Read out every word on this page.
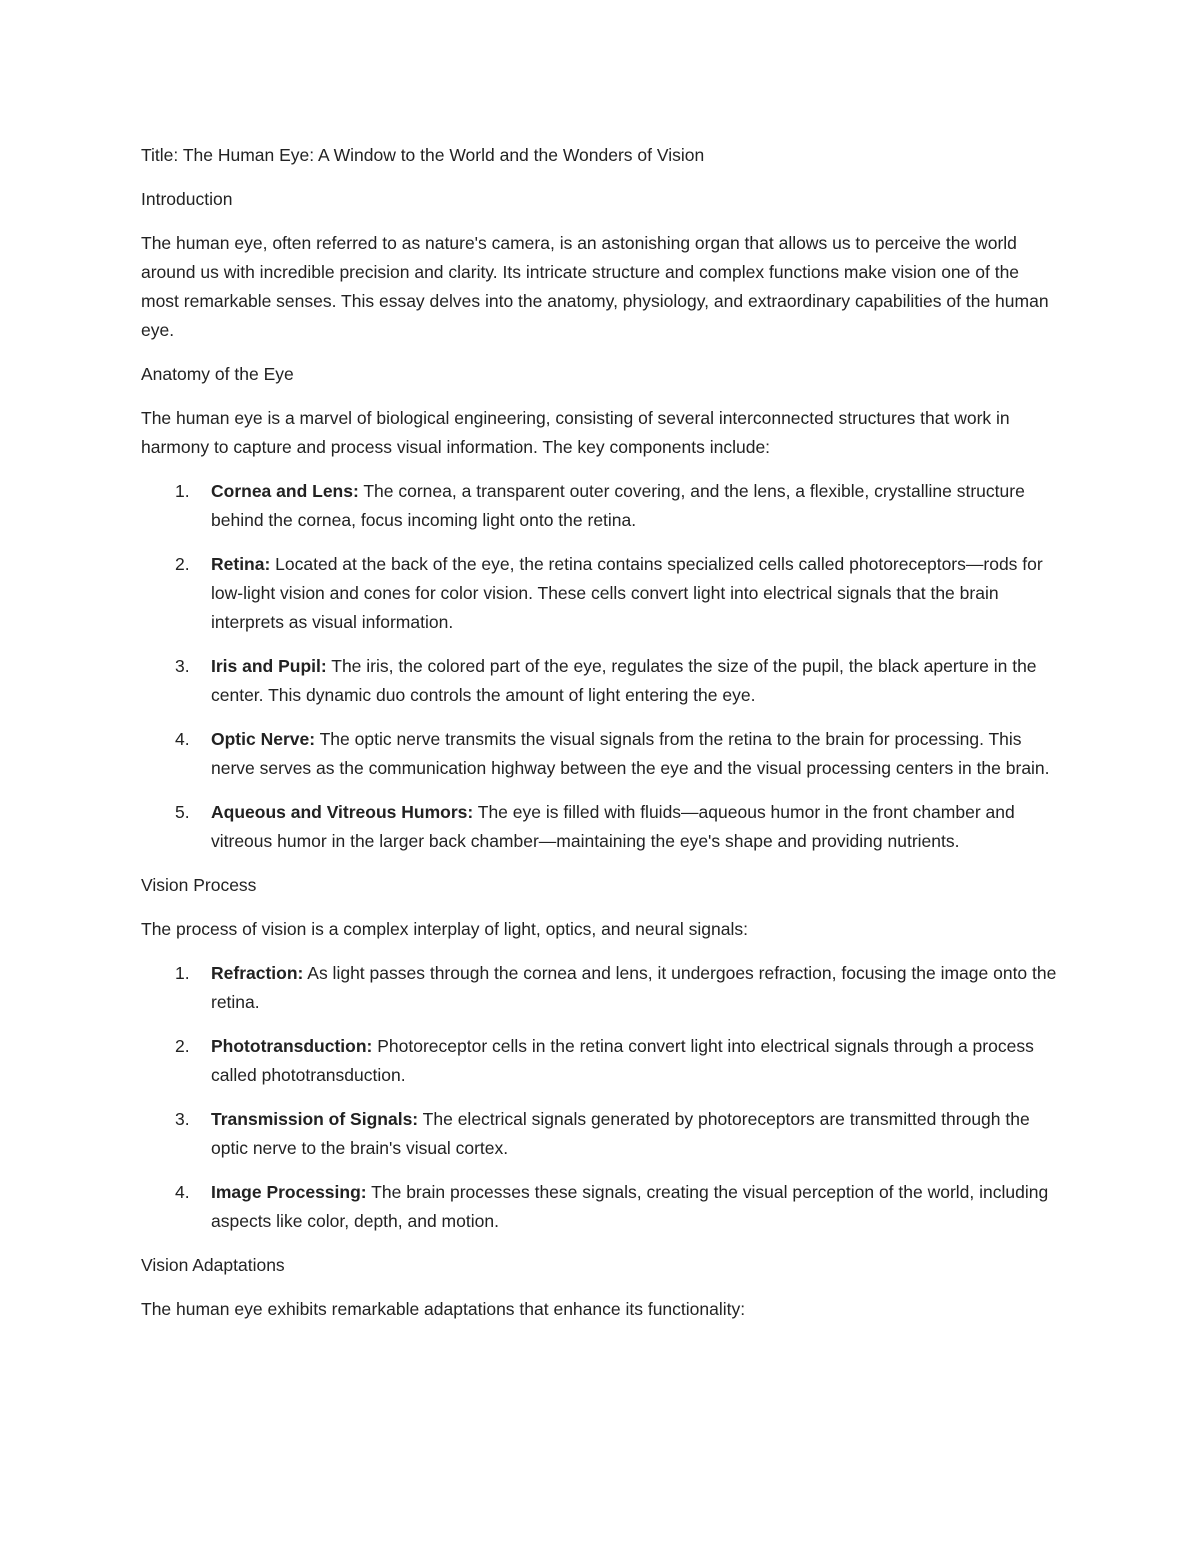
Title: The Human Eye: A Window to the World and the Wonders of Vision

Introduction

The human eye, often referred to as nature's camera, is an astonishing organ that allows us to perceive the world around us with incredible precision and clarity. Its intricate structure and complex functions make vision one of the most remarkable senses. This essay delves into the anatomy, physiology, and extraordinary capabilities of the human eye.

Anatomy of the Eye

The human eye is a marvel of biological engineering, consisting of several interconnected structures that work in harmony to capture and process visual information. The key components include:

1. Cornea and Lens: The cornea, a transparent outer covering, and the lens, a flexible, crystalline structure behind the cornea, focus incoming light onto the retina.
2. Retina: Located at the back of the eye, the retina contains specialized cells called photoreceptors—rods for low-light vision and cones for color vision. These cells convert light into electrical signals that the brain interprets as visual information.
3. Iris and Pupil: The iris, the colored part of the eye, regulates the size of the pupil, the black aperture in the center. This dynamic duo controls the amount of light entering the eye.
4. Optic Nerve: The optic nerve transmits the visual signals from the retina to the brain for processing. This nerve serves as the communication highway between the eye and the visual processing centers in the brain.
5. Aqueous and Vitreous Humors: The eye is filled with fluids—aqueous humor in the front chamber and vitreous humor in the larger back chamber—maintaining the eye's shape and providing nutrients.

Vision Process

The process of vision is a complex interplay of light, optics, and neural signals:

1. Refraction: As light passes through the cornea and lens, it undergoes refraction, focusing the image onto the retina.
2. Phototransduction: Photoreceptor cells in the retina convert light into electrical signals through a process called phototransduction.
3. Transmission of Signals: The electrical signals generated by photoreceptors are transmitted through the optic nerve to the brain's visual cortex.
4. Image Processing: The brain processes these signals, creating the visual perception of the world, including aspects like color, depth, and motion.

Vision Adaptations

The human eye exhibits remarkable adaptations that enhance its functionality:
